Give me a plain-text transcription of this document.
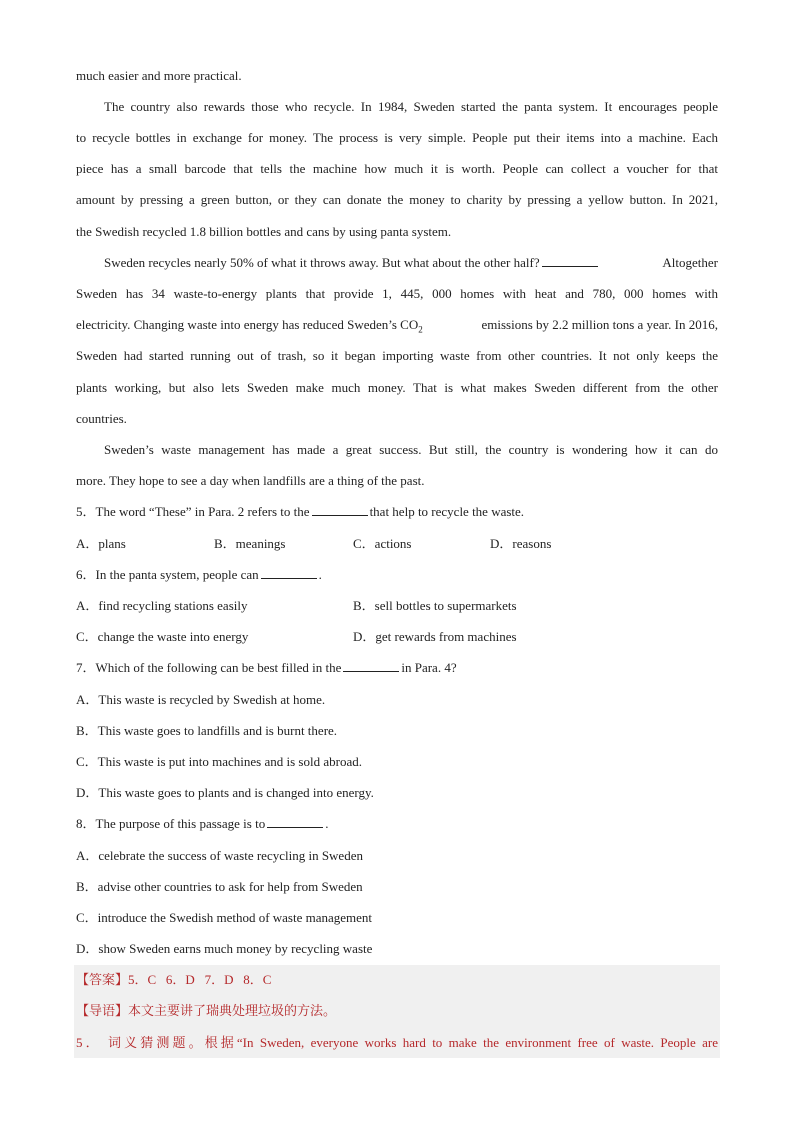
much easier and more practical.
The country also rewards those who recycle. In 1984, Sweden started the panta system. It encourages people
to recycle bottles in exchange for money. The process is very simple. People put their items into a machine. Each
piece has a small barcode that tells the machine how much it is worth. People can collect a voucher for that
amount by pressing a green button, or they can donate the money to charity by pressing a yellow button. In 2021,
the Swedish recycled 1.8 billion bottles and cans by using panta system.
Sweden recycles nearly 50% of what it throws away. But what about the other half?	Altogether
Sweden has 34 waste-to-energy plants that provide 1, 445, 000 homes with heat and 780, 000 homes with
electricity. Changing waste into energy has reduced Sweden’s $CO_2$	emissions by 2.2 million tons a year. In 2016,
Sweden had started running out of trash, so it began importing waste from other countries. It not only keeps the
plants working, but also lets Sweden make much money. That is what makes Sweden different from the other
countries.
Sweden’s waste management has made a great success. But still, the country is wondering how it can do
more. They hope to see a day when landfills are a thing of the past.
5．The word “These” in Para. 2 refers to the	that help to recycle the waste.
A．plans	B．meanings	C．actions	D．reasons
6．In the panta system, people can	.
A．find recycling stations easily	B．sell bottles to supermarkets
C．change the waste into energy	D．get rewards from machines
7．Which of the following can be best filled in the	in Para. 4?
A．This waste is recycled by Swedish at home.
B．This waste goes to landfills and is burnt there.
C．This waste is put into machines and is sold abroad.
D．This waste goes to plants and is changed into energy.
8．The purpose of this passage is to	.
A．celebrate the success of waste recycling in Sweden
B．advise other countries to ask for help from Sweden
C．introduce the Swedish method of waste management
D．show Sweden earns much money by recycling waste
【答案】5．C   6．D   7．D   8．C
【导语】本文主要讲了瑞典处理垃圾的方法。
5． 词义猜测题。根据“In Sweden, everyone works hard to make the environment free of waste. People are
